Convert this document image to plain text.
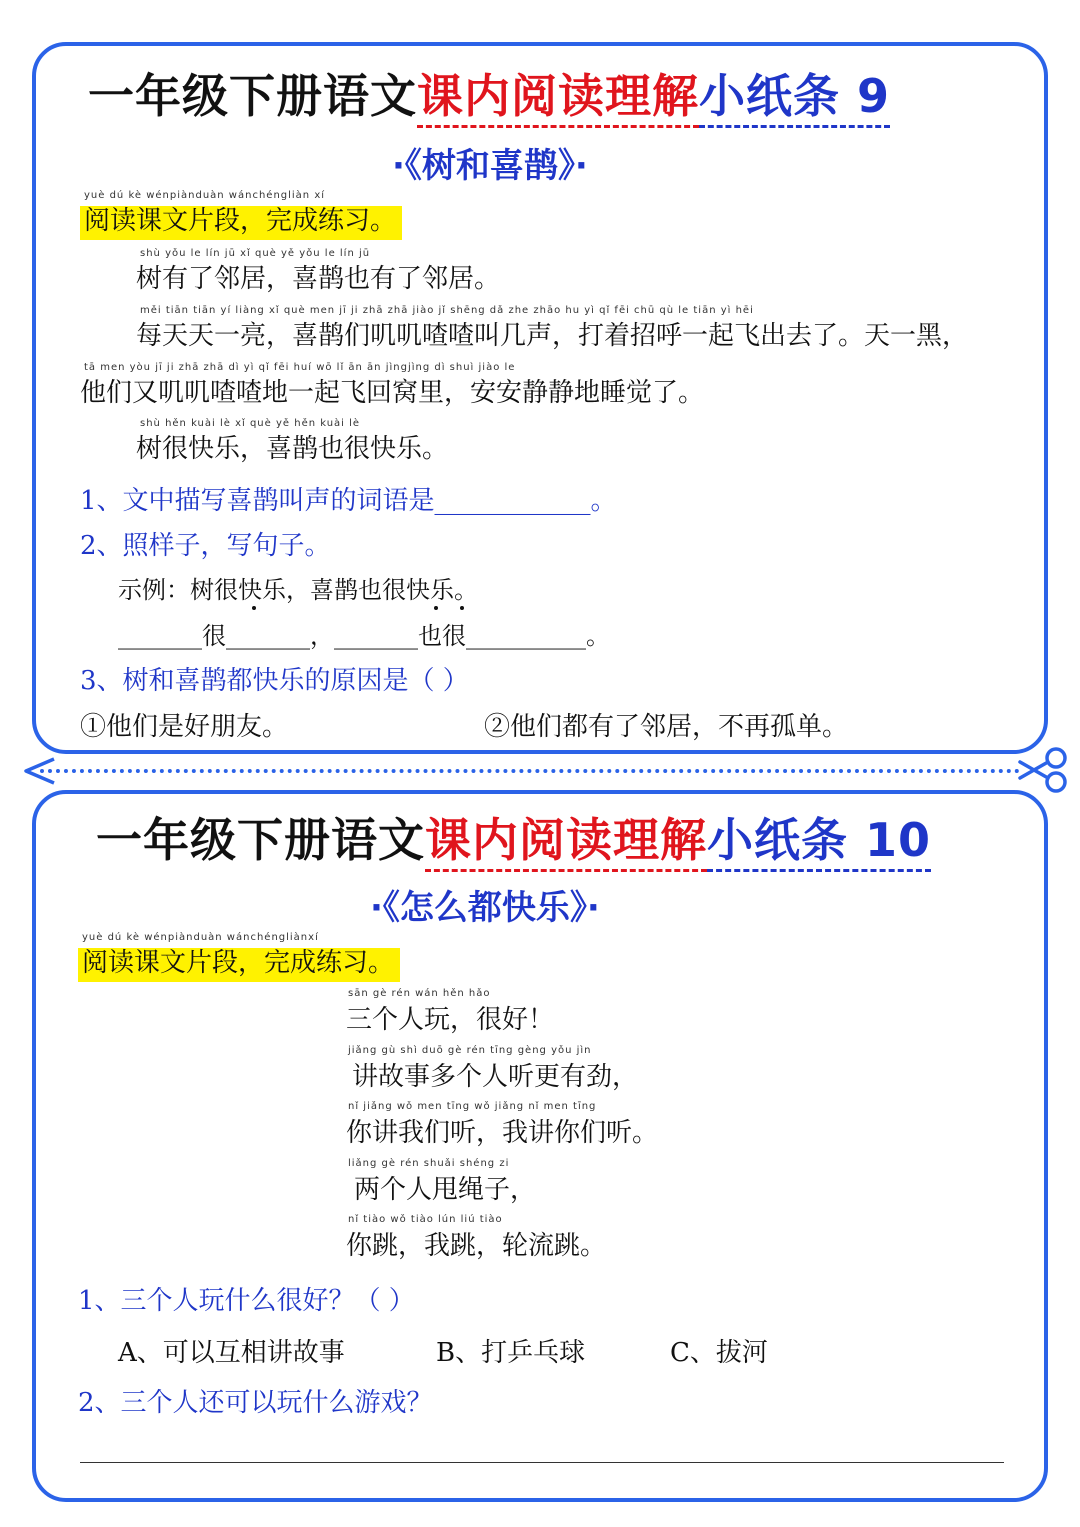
一年级下册语文课内阅读理解小纸条 9
·《树和喜鹊》·
yuè dú kè wénpiànduàn wánchéngliàn xí
阅读课文片段，完成练习。
shù yǒu le lín jū xǐ què yě yǒu le lín jū
树有了邻居，喜鹊也有了邻居。
měi tiān tiān yí liàng xǐ què men jī ji zhā zhā jiào jǐ shēng dǎ zhe zhāo hu yì qǐ fēi chū qù le tiān yì hēi
每天天一亮，喜鹊们叽叽喳喳叫几声，打着招呼一起飞出去了。天一黑，
tā men yòu jī ji zhā zhā dì yì qǐ fēi huí wō lǐ ān ān jìngjìng dì shuì jiào le
他们又叽叽喳喳地一起飞回窝里，安安静静地睡觉了。
shù hěn kuài lè xǐ què yě hěn kuài lè
树很快乐，喜鹊也很快乐。
1、文中描写喜鹊叫声的词语是____________。
2、照样子，写句子。
示例：树很快乐，喜鹊也很快乐。
_______很_______，_______也很__________。
3、树和喜鹊都快乐的原因是（ ）
①他们是好朋友。	②他们都有了邻居，不再孤单。
一年级下册语文课内阅读理解小纸条 10
·《怎么都快乐》·
yuè dú kè wénpiànduàn wánchéngliànxí
阅读课文片段，完成练习。
sān gè rén wán hěn hǎo
三个人玩，很好！
jiǎng gù shì duō gè rén tīng gèng yǒu jìn
讲故事多个人听更有劲，
nǐ jiǎng wǒ men tīng wǒ jiǎng nǐ men tīng
你讲我们听，我讲你们听。
liǎng gè rén shuǎi shéng zi
两个人甩绳子，
nǐ tiào wǒ tiào lún liú tiào
你跳，我跳，轮流跳。
1、三个人玩什么很好？（ ）
A、可以互相讲故事	B、打乒乓球	C、拔河
2、三个人还可以玩什么游戏？
